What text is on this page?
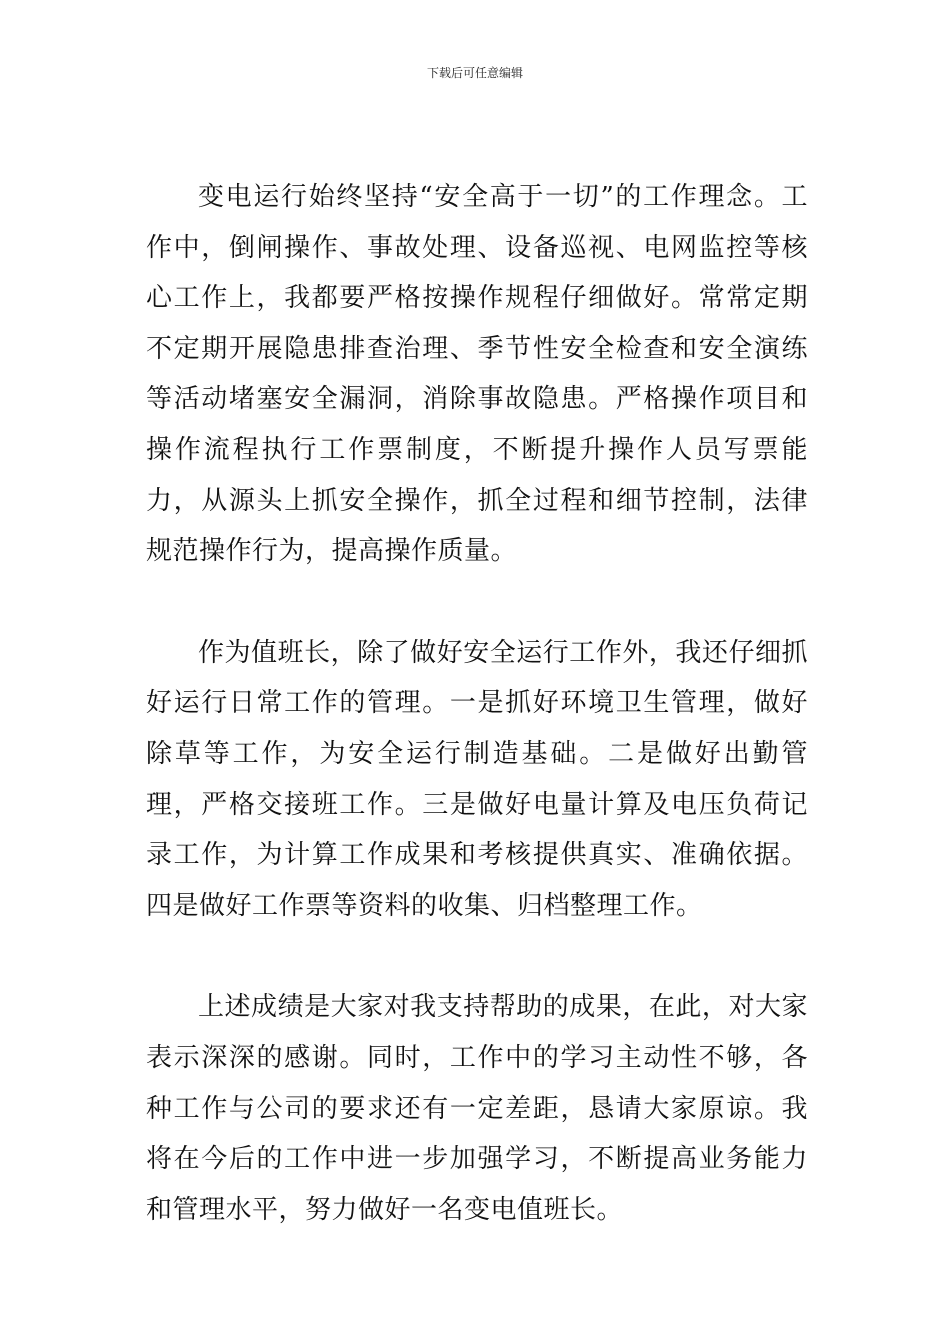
下载后可任意编辑

变电运行始终坚持“安全高于一切”的工作理念。工作中，倒闸操作、事故处理、设备巡视、电网监控等核心工作上，我都要严格按操作规程仔细做好。常常定期不定期开展隐患排查治理、季节性安全检查和安全演练等活动堵塞安全漏洞，消除事故隐患。严格操作项目和操作流程执行工作票制度，不断提升操作人员写票能力，从源头上抓安全操作，抓全过程和细节控制，法律规范操作行为，提高操作质量。

作为值班长，除了做好安全运行工作外，我还仔细抓好运行日常工作的管理。一是抓好环境卫生管理，做好除草等工作，为安全运行制造基础。二是做好出勤管理，严格交接班工作。三是做好电量计算及电压负荷记录工作，为计算工作成果和考核提供真实、准确依据。四是做好工作票等资料的收集、归档整理工作。

上述成绩是大家对我支持帮助的成果，在此，对大家表示深深的感谢。同时，工作中的学习主动性不够，各种工作与公司的要求还有一定差距，恳请大家原谅。我将在今后的工作中进一步加强学习，不断提高业务能力和管理水平，努力做好一名变电值班长。
